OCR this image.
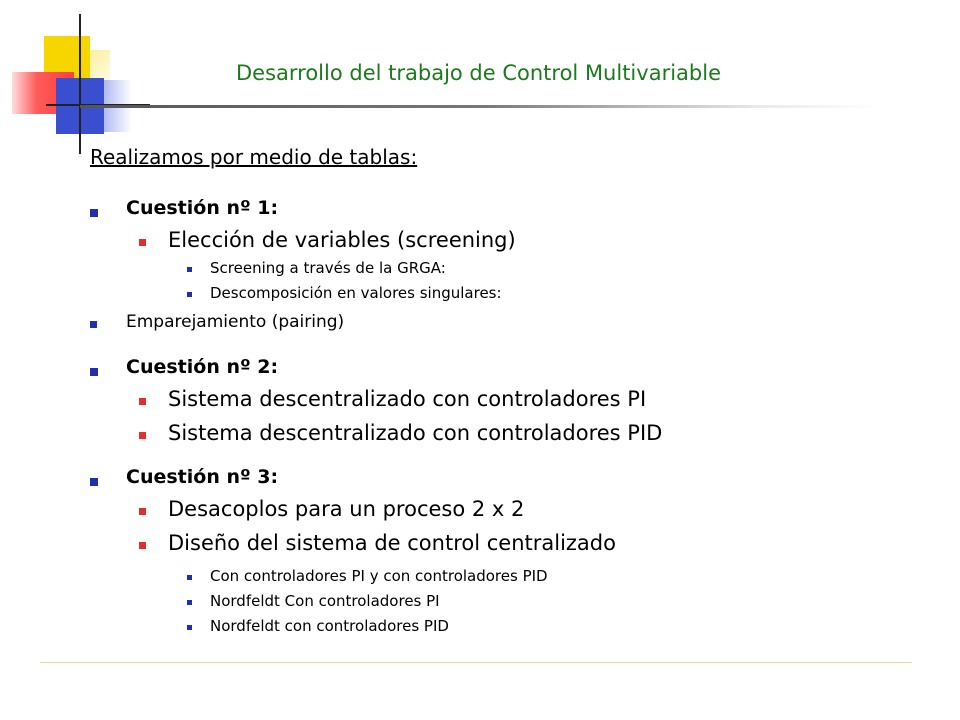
Desarrollo del trabajo de Control Multivariable
Realizamos por medio de tablas:
Cuestión nº 1:
Elección de variables (screening)
Screening a través de la GRGA:
Descomposición en valores singulares:
Emparejamiento (pairing)
Cuestión nº 2:
Sistema descentralizado con controladores PI
Sistema descentralizado con controladores PID
Cuestión nº 3:
Desacoplos para un proceso 2 x 2
Diseño del sistema de control centralizado
Con controladores PI y con controladores PID
Nordfeldt Con controladores PI
Nordfeldt con controladores PID
